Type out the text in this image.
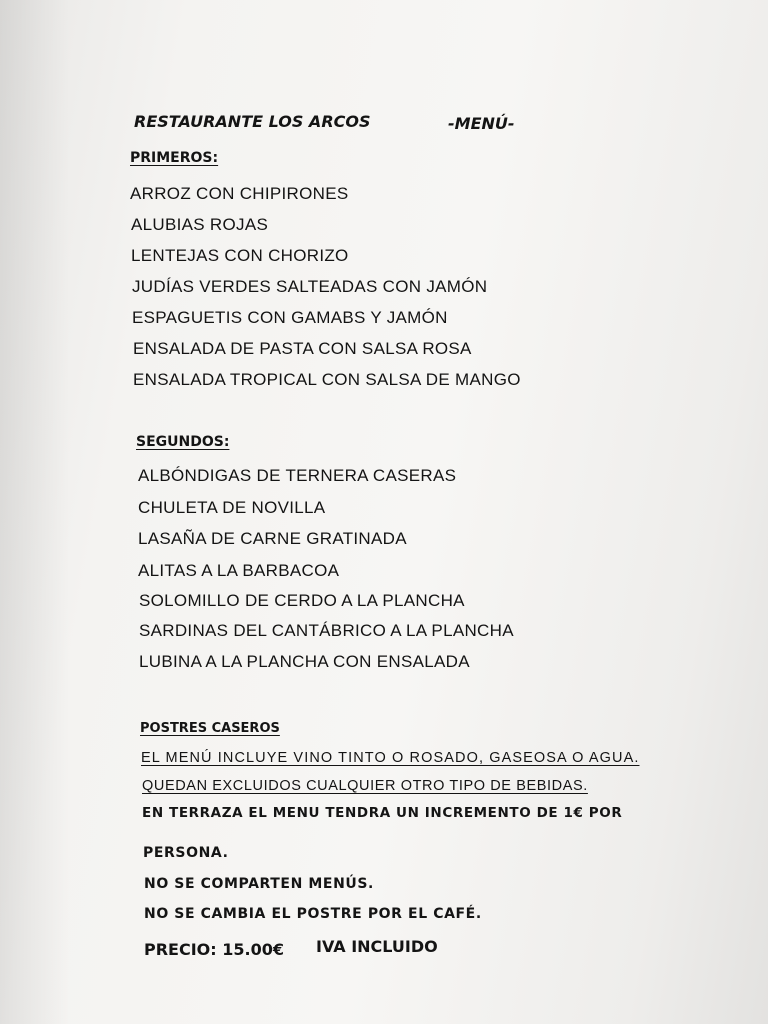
RESTAURANTE LOS ARCOS	-MENÚ-
PRIMEROS:
ARROZ CON CHIPIRONES
ALUBIAS ROJAS
LENTEJAS CON CHORIZO
JUDÍAS VERDES SALTEADAS CON JAMÓN
ESPAGUETIS CON GAMABS Y JAMÓN
ENSALADA DE PASTA CON SALSA ROSA
ENSALADA TROPICAL CON SALSA DE MANGO
SEGUNDOS:
ALBÓNDIGAS DE TERNERA CASERAS
CHULETA DE NOVILLA
LASAÑA DE CARNE GRATINADA
ALITAS A LA BARBACOA
SOLOMILLO DE CERDO A LA PLANCHA
SARDINAS DEL CANTÁBRICO A LA PLANCHA
LUBINA A LA PLANCHA CON ENSALADA
POSTRES CASEROS
EL MENÚ INCLUYE VINO TINTO O ROSADO, GASEOSA O AGUA.
QUEDAN EXCLUIDOS CUALQUIER OTRO TIPO DE BEBIDAS.
EN TERRAZA EL MENU TENDRA UN INCREMENTO DE 1€ POR
PERSONA.
NO SE COMPARTEN MENÚS.
NO SE CAMBIA EL POSTRE POR EL CAFÉ.
PRECIO: 15.00€ IVA INCLUIDO
